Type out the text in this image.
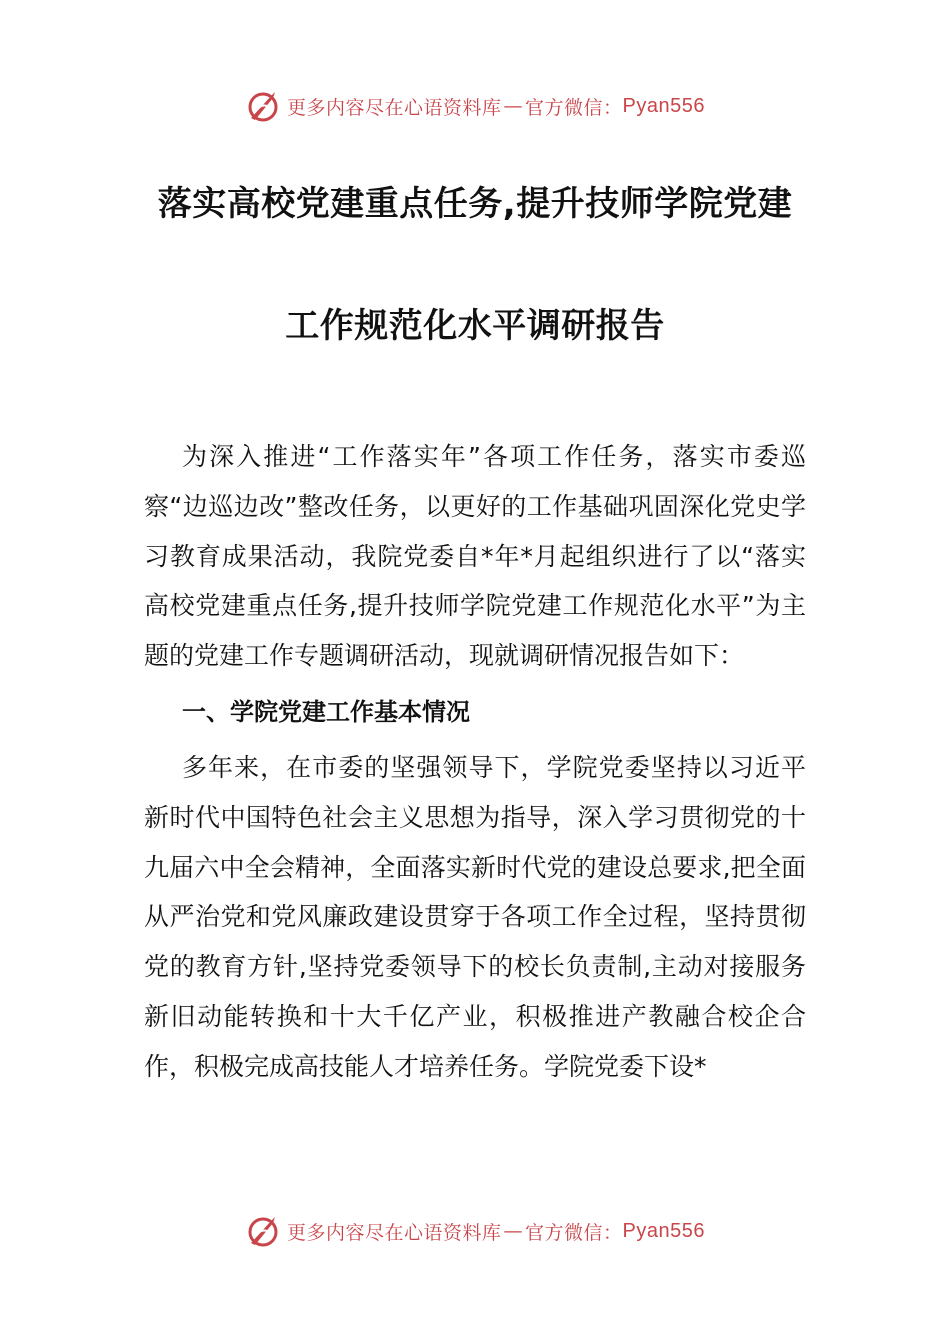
更多内容尽在心语资料库 — 官方微信： Pyan556
落实高校党建重点任务,提升技师学院党建
工作规范化水平调研报告

为深入推进“工作落实年”各项工作任务，落实市委巡察“边巡边改”整改任务，以更好的工作基础巩固深化党史学习教育成果活动，我院党委自*年*月起组织进行了以“落实高校党建重点任务,提升技师学院党建工作规范化水平”为主题的党建工作专题调研活动，现就调研情况报告如下：

一、学院党建工作基本情况

多年来，在市委的坚强领导下，学院党委坚持以习近平新时代中国特色社会主义思想为指导，深入学习贯彻党的十九届六中全会精神，全面落实新时代党的建设总要求,把全面从严治党和党风廉政建设贯穿于各项工作全过程，坚持贯彻党的教育方针,坚持党委领导下的校长负责制,主动对接服务新旧动能转换和十大千亿产业，积极推进产教融合校企合作，积极完成高技能人才培养任务。学院党委下设*

更多内容尽在心语资料库 — 官方微信： Pyan556
